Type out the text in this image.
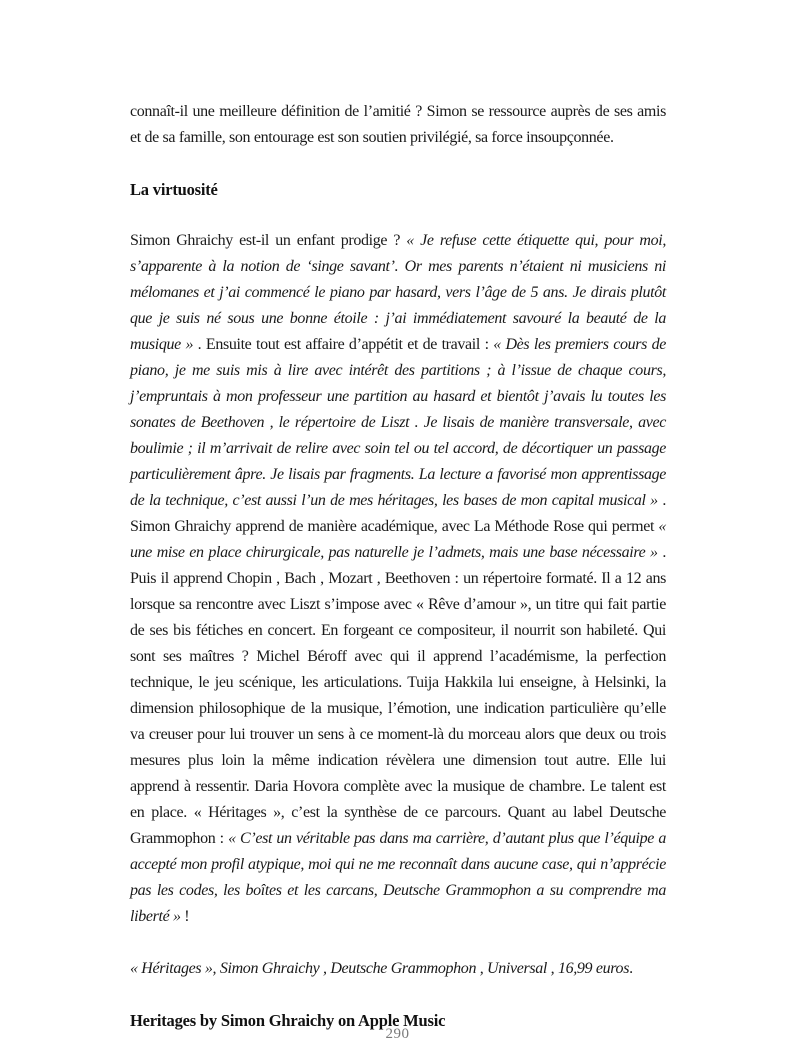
connaît-il une meilleure définition de l’amitié ? Simon se ressource auprès de ses amis et de sa famille, son entourage est son soutien privilégié, sa force insoupçonnée.

La virtuosité

Simon Ghraichy est-il un enfant prodige ? « Je refuse cette étiquette qui, pour moi, s’apparente à la notion de ‘singe savant’. Or mes parents n’étaient ni musiciens ni mélomanes et j’ai commencé le piano par hasard, vers l’âge de 5 ans. Je dirais plutôt que je suis né sous une bonne étoile : j’ai immédiatement savouré la beauté de la musique » . Ensuite tout est affaire d’appétit et de travail : « Dès les premiers cours de piano, je me suis mis à lire avec intérêt des partitions ; à l’issue de chaque cours, j’empruntais à mon professeur une partition au hasard et bientôt j’avais lu toutes les sonates de Beethoven , le répertoire de Liszt . Je lisais de manière transversale, avec boulimie ; il m’arrivait de relire avec soin tel ou tel accord, de décortiquer un passage particulièrement âpre. Je lisais par fragments. La lecture a favorisé mon apprentissage de la technique, c’est aussi l’un de mes héritages, les bases de mon capital musical » . Simon Ghraichy apprend de manière académique, avec La Méthode Rose qui permet « une mise en place chirurgicale, pas naturelle je l’admets, mais une base nécessaire » . Puis il apprend Chopin , Bach , Mozart , Beethoven : un répertoire formaté. Il a 12 ans lorsque sa rencontre avec Liszt s’impose avec « Rêve d’amour », un titre qui fait partie de ses bis fétiches en concert. En forgeant ce compositeur, il nourrit son habileté. Qui sont ses maîtres ? Michel Béroff avec qui il apprend l’académisme, la perfection technique, le jeu scénique, les articulations. Tuija Hakkila lui enseigne, à Helsinki, la dimension philosophique de la musique, l’émotion, une indication particulière qu’elle va creuser pour lui trouver un sens à ce moment-là du morceau alors que deux ou trois mesures plus loin la même indication révèlera une dimension tout autre. Elle lui apprend à ressentir. Daria Hovora complète avec la musique de chambre. Le talent est en place. « Héritages », c’est la synthèse de ce parcours. Quant au label Deutsche Grammophon : « C’est un véritable pas dans ma carrière, d’autant plus que l’équipe a accepté mon profil atypique, moi qui ne me reconnaît dans aucune case, qui n’apprécie pas les codes, les boîtes et les carcans, Deutsche Grammophon a su comprendre ma liberté » !

« Héritages », Simon Ghraichy , Deutsche Grammophon , Universal , 16,99 euros.

Heritages by Simon Ghraichy on Apple Music
290
